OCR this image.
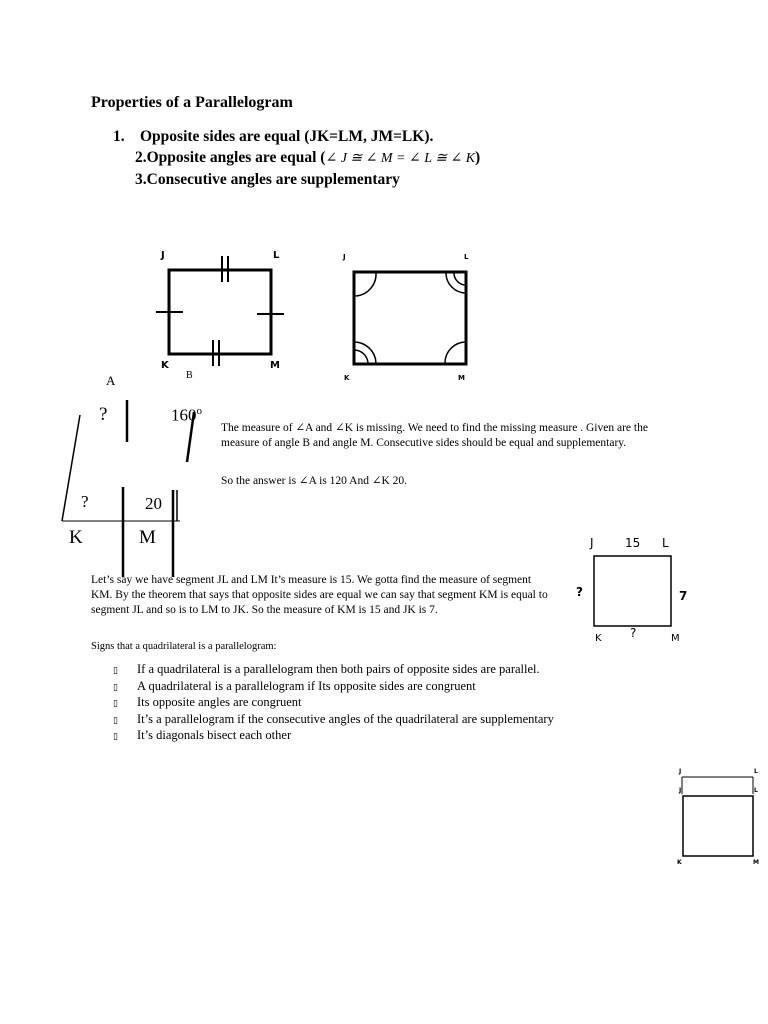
Properties of a Parallelogram
1. Opposite sides are equal (JK=LM, JM=LK).
2.Opposite angles are equal (∠ J ≅ ∠ M = ∠ L ≅ ∠ K)
3.Consecutive angles are supplementary
J	L
K	M
J	L
K	M
A	B
?	160$^o$
?	20
K	M
The measure of ∠A and ∠K is missing. We need to find the missing measure . Given are the measure of angle B and angle M. Consecutive sides should be equal and supplementary.
So the answer is ∠A is 120 And ∠K 20.
Let’s say we have segment JL and LM It’s measure is 15. We gotta find the measure of segment KM. By the theorem that says that opposite sides are equal we can say that segment KM is equal to segment JL and so is to LM to JK. So the measure of KM is 15 and JK is 7.
J	15 L
?	7
K ?	M
Signs that a quadrilateral is a parallelogram:
▯ If a quadrilateral is a parallelogram then both pairs of opposite sides are parallel.
▯ A quadrilateral is a parallelogram if Its opposite sides are congruent
▯ Its opposite angles are congruent
▯ It’s a parallelogram if the consecutive angles of the quadrilateral are supplementary
▯ It’s diagonals bisect each other
J	L
J	L
K	M
